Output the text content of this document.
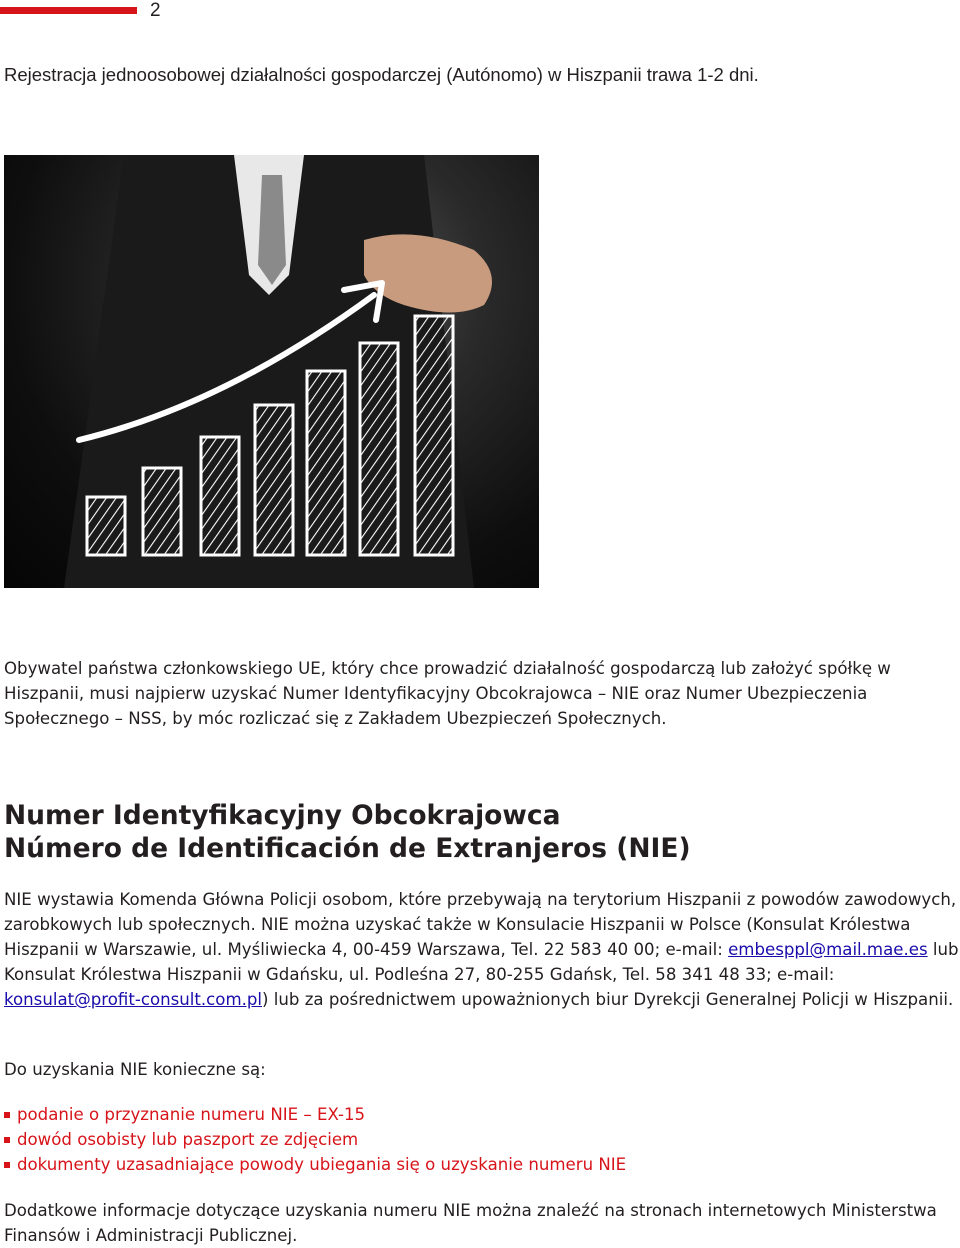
2
Rejestracja jednoosobowej działalności gospodarczej (Autónomo) w Hiszpanii trawa 1-2 dni.
Obywatel państwa członkowskiego UE, który chce prowadzić działalność gospodarczą lub założyć spółkę w Hiszpanii, musi najpierw uzyskać Numer Identyfikacyjny Obcokrajowca – NIE oraz Numer Ubezpieczenia Społecznego – NSS, by móc rozliczać się z Zakładem Ubezpieczeń Społecznych.
Numer Identyfikacyjny Obcokrajowca
Número de Identificación de Extranjeros (NIE)
NIE wystawia Komenda Główna Policji osobom, które przebywają na terytorium Hiszpanii z powodów zawodowych, zarobkowych lub społecznych. NIE można uzyskać także w Konsulacie Hiszpanii w Polsce (Konsulat Królestwa Hiszpanii w Warszawie, ul. Myśliwiecka 4, 00-459 Warszawa, Tel. 22 583 40 00; e-mail: embesppl@mail.mae.es lub Konsulat Królestwa Hiszpanii w Gdańsku, ul. Podleśna 27, 80-255 Gdańsk, Tel. 58 341 48 33; e-mail: konsulat@profit-consult.com.pl) lub za pośrednictwem upoważnionych biur Dyrekcji Generalnej Policji w Hiszpanii.
Do uzyskania NIE konieczne są:
podanie o przyznanie numeru NIE – EX-15
dowód osobisty lub paszport ze zdjęciem
dokumenty uzasadniające powody ubiegania się o uzyskanie numeru NIE
Dodatkowe informacje dotyczące uzyskania numeru NIE można znaleźć na stronach internetowych Ministerstwa Finansów i Administracji Publicznej.
